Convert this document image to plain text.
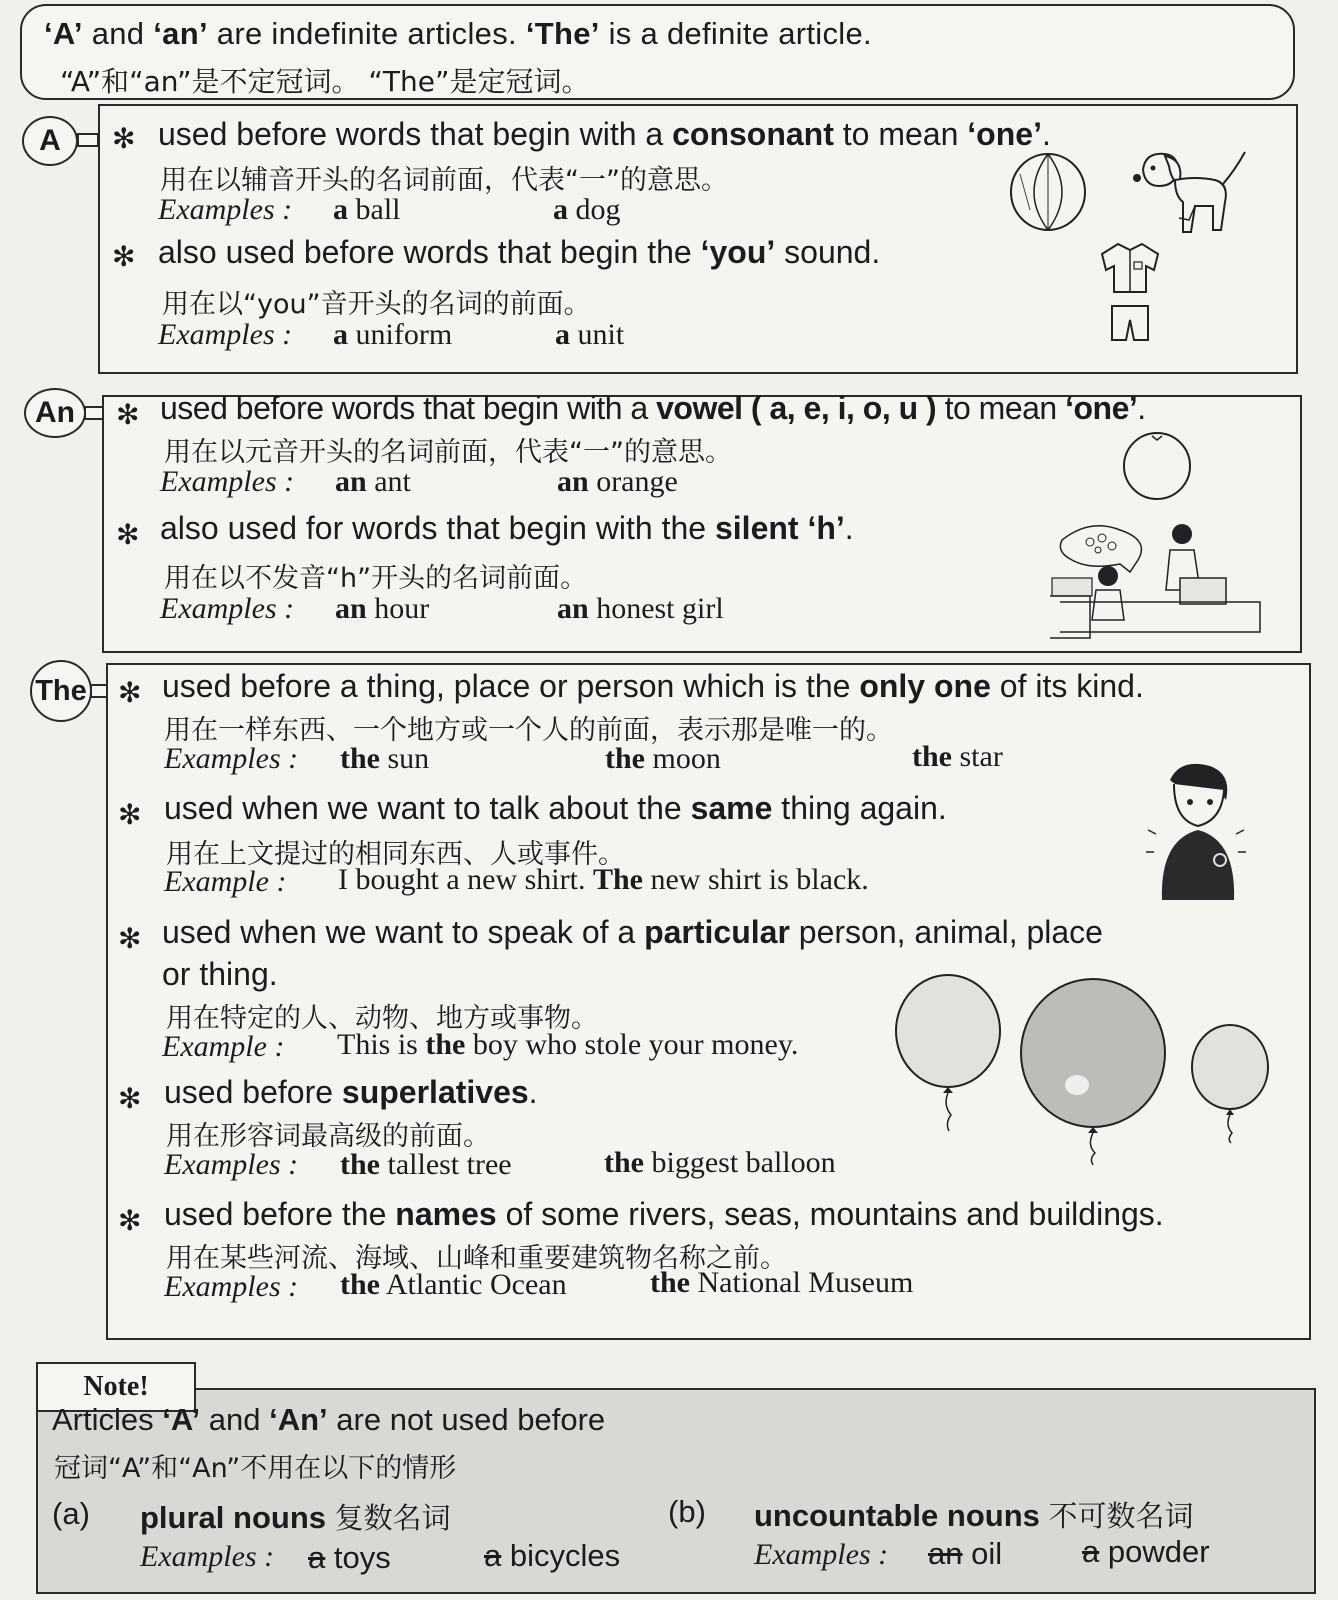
‘A’ and ‘an’ are indefinite articles. ‘The’ is a definite article.
“A”和“an”是不定冠词。 “The”是定冠词。
A	✻ used before words that begin with a consonant to mean ‘one’.
用在以辅音开头的名词前面，代表“一”的意思。
Examples : a ball	a dog
✻ also used before words that begin the ‘you’ sound.
用在以“you”音开头的名词的前面。
Examples : a uniform	a unit
An	✻ used before words that begin with a vowel ( a, e, i, o, u ) to mean ‘one’.
用在以元音开头的名词前面，代表“一”的意思。
Examples : an ant	an orange
✻ also used for words that begin with the silent ‘h’.
用在以不发音“h”开头的名词前面。
Examples : an hour	an honest girl
The ✻ used before a thing, place or person which is the only one of its kind.
用在一样东西、一个地方或一个人的前面，表示那是唯一的。
Examples : the sun	the moon	the star
✻ used when we want to talk about the same thing again.
用在上文提过的相同东西、人或事件。
Example : I bought a new shirt. The new shirt is black.
✻ used when we want to speak of a particular person, animal, place
or thing.
用在特定的人、动物、地方或事物。
Example : This is the boy who stole your money.
✻ used before superlatives.
用在形容词最高级的前面。
Examples : the tallest tree	the biggest balloon
✻ used before the names of some rivers, seas, mountains and buildings.
用在某些河流、海域、山峰和重要建筑物名称之前。
Examples : the Atlantic Ocean	the National Museum
Note!
Articles ‘A’ and ‘An’ are not used before
冠词“A”和“An”不用在以下的情形
(a) plural nouns 复数名词
Examples : a toys	a bicycles
(b) uncountable nouns 不可数名词
Examples : an oil	a powder
